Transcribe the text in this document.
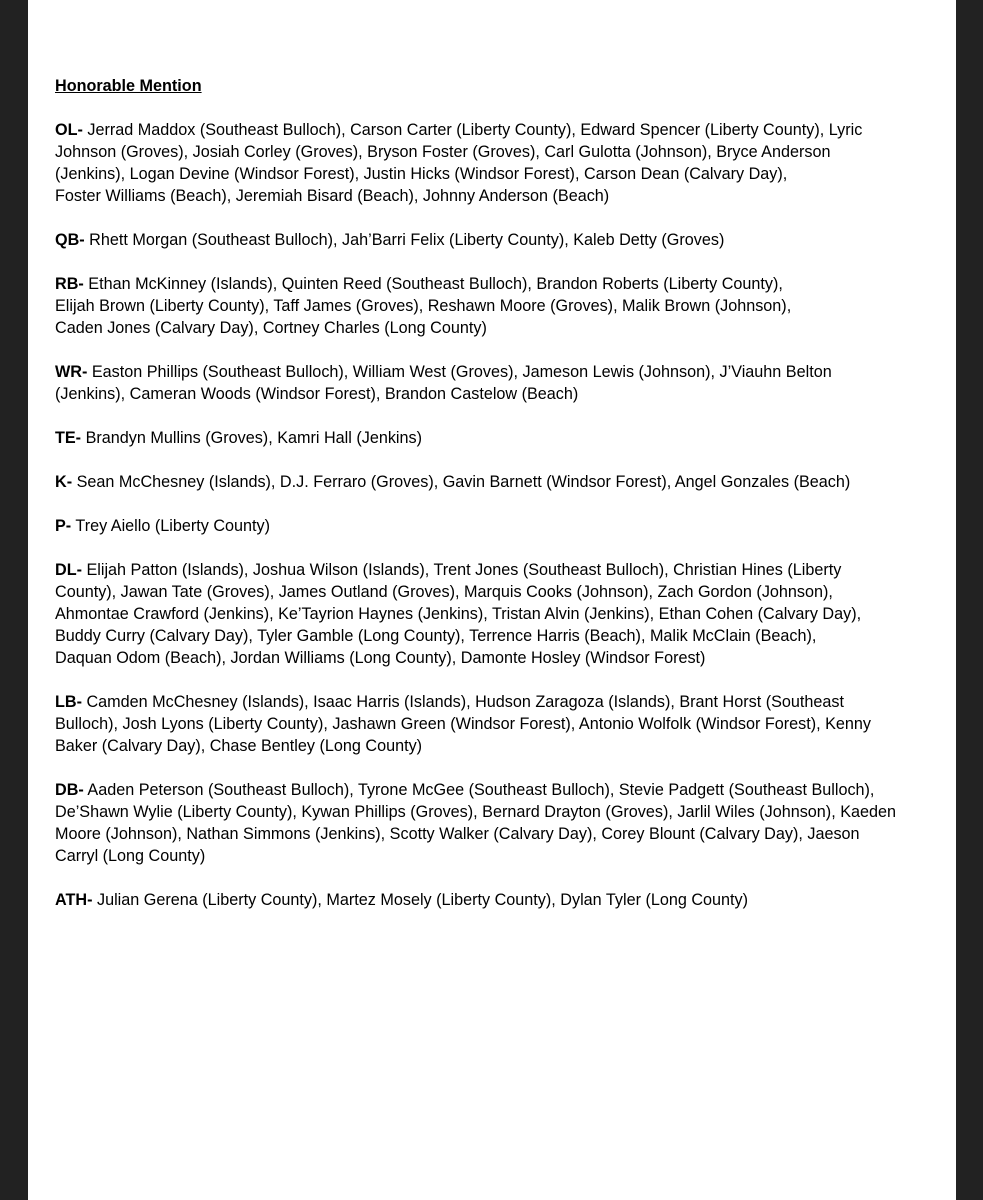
Honorable Mention
OL- Jerrad Maddox (Southeast Bulloch), Carson Carter (Liberty County), Edward Spencer (Liberty County), Lyric
Johnson (Groves), Josiah Corley (Groves), Bryson Foster (Groves), Carl Gulotta (Johnson), Bryce Anderson
(Jenkins), Logan Devine (Windsor Forest), Justin Hicks (Windsor Forest), Carson Dean (Calvary Day),
Foster Williams (Beach), Jeremiah Bisard (Beach), Johnny Anderson (Beach)
QB- Rhett Morgan (Southeast Bulloch), Jah’Barri Felix (Liberty County), Kaleb Detty (Groves)
RB- Ethan McKinney (Islands), Quinten Reed (Southeast Bulloch), Brandon Roberts (Liberty County),
Elijah Brown (Liberty County), Taff James (Groves), Reshawn Moore (Groves), Malik Brown (Johnson),
Caden Jones (Calvary Day), Cortney Charles (Long County)
WR- Easton Phillips (Southeast Bulloch), William West (Groves), Jameson Lewis (Johnson), J’Viauhn Belton
(Jenkins), Cameran Woods (Windsor Forest), Brandon Castelow (Beach)
TE- Brandyn Mullins (Groves), Kamri Hall (Jenkins)
K- Sean McChesney (Islands), D.J. Ferraro (Groves), Gavin Barnett (Windsor Forest), Angel Gonzales (Beach)
P- Trey Aiello (Liberty County)
DL- Elijah Patton (Islands), Joshua Wilson (Islands), Trent Jones (Southeast Bulloch), Christian Hines (Liberty
County), Jawan Tate (Groves), James Outland (Groves), Marquis Cooks (Johnson), Zach Gordon (Johnson),
Ahmontae Crawford (Jenkins), Ke’Tayrion Haynes (Jenkins), Tristan Alvin (Jenkins), Ethan Cohen (Calvary Day),
Buddy Curry (Calvary Day), Tyler Gamble (Long County), Terrence Harris (Beach), Malik McClain (Beach),
Daquan Odom (Beach), Jordan Williams (Long County), Damonte Hosley (Windsor Forest)
LB- Camden McChesney (Islands), Isaac Harris (Islands), Hudson Zaragoza (Islands), Brant Horst (Southeast
Bulloch), Josh Lyons (Liberty County), Jashawn Green (Windsor Forest), Antonio Wolfolk (Windsor Forest), Kenny
Baker (Calvary Day), Chase Bentley (Long County)
DB- Aaden Peterson (Southeast Bulloch), Tyrone McGee (Southeast Bulloch), Stevie Padgett (Southeast Bulloch),
De’Shawn Wylie (Liberty County), Kywan Phillips (Groves), Bernard Drayton (Groves), Jarlil Wiles (Johnson), Kaeden
Moore (Johnson), Nathan Simmons (Jenkins), Scotty Walker (Calvary Day), Corey Blount (Calvary Day), Jaeson
Carryl (Long County)
ATH- Julian Gerena (Liberty County), Martez Mosely (Liberty County), Dylan Tyler (Long County)
